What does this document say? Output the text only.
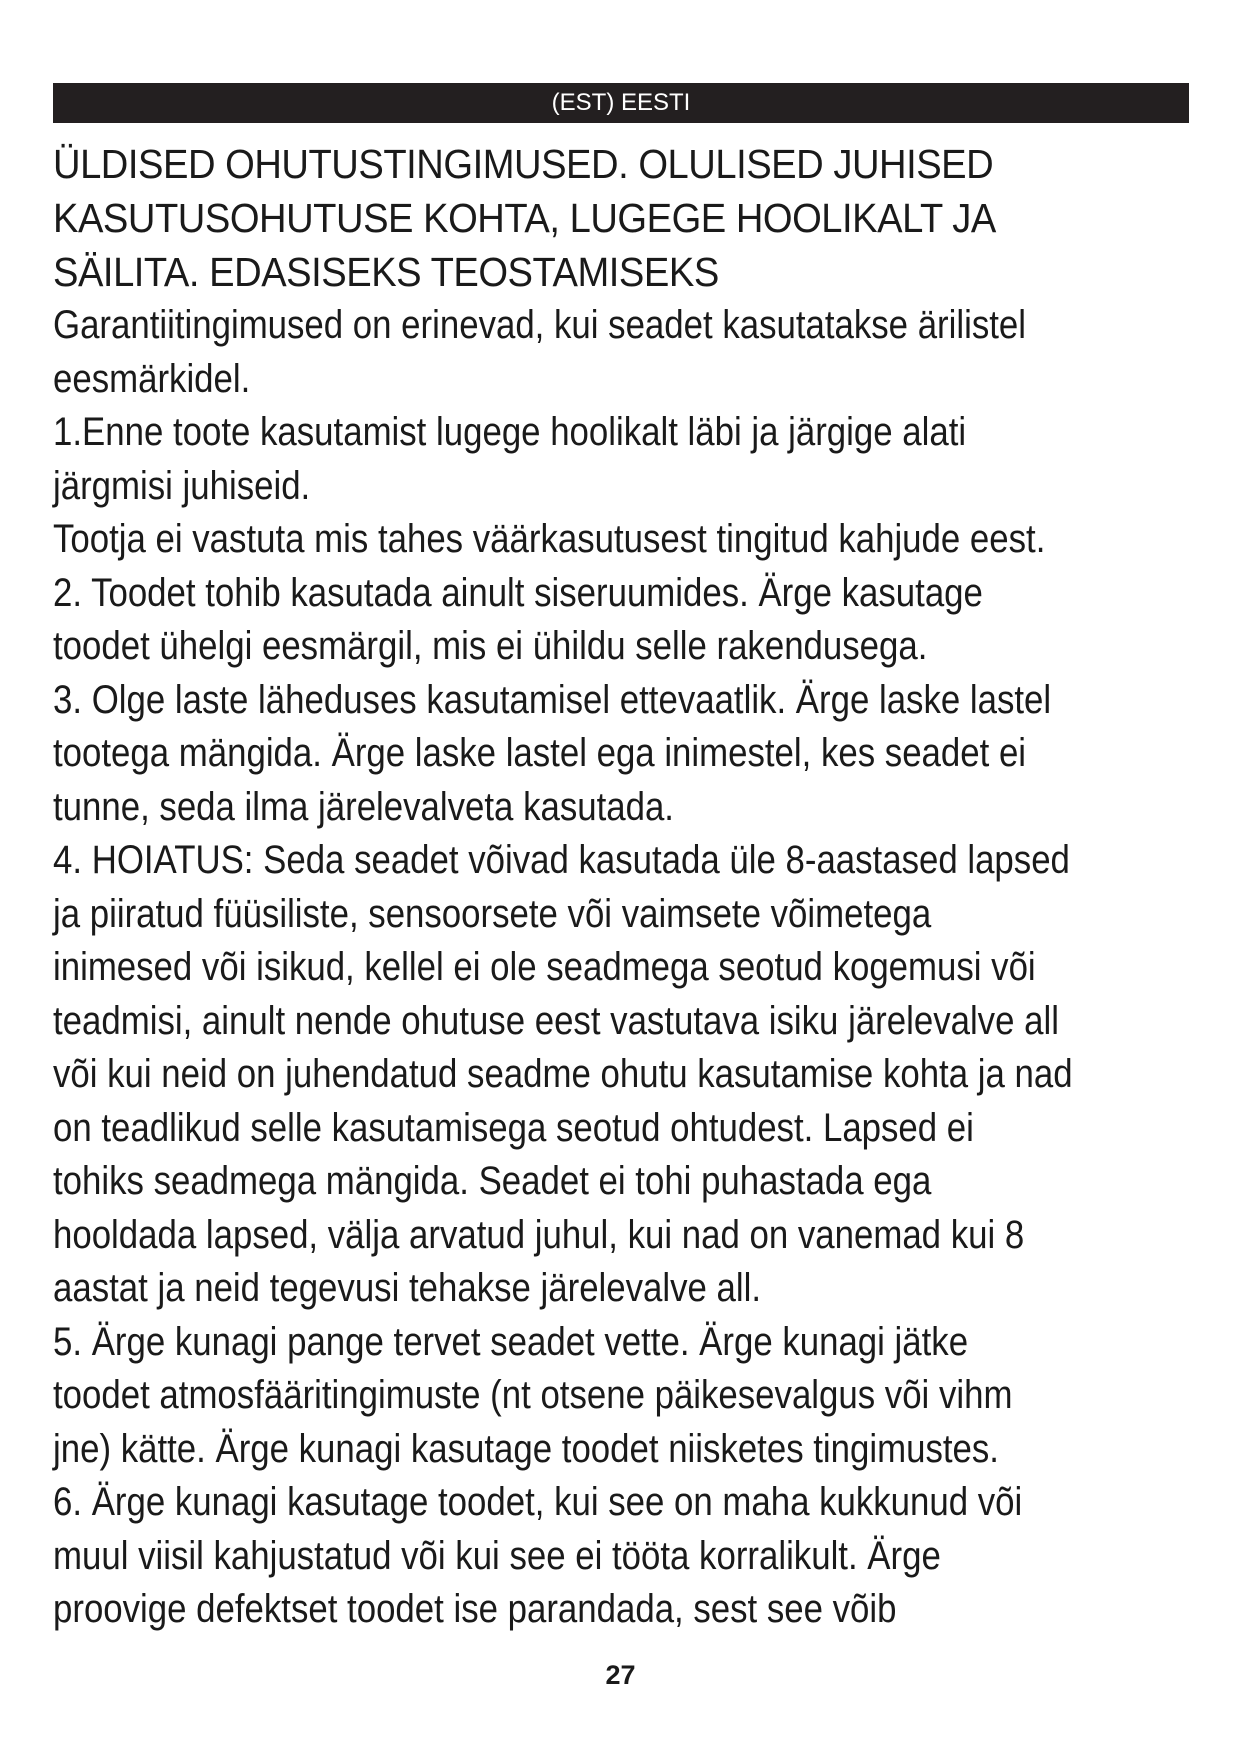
(EST) EESTI

ÜLDISED OHUTUSTINGIMUSED. OLULISED JUHISED

KASUTUSOHUTUSE KOHTA, LUGEGE HOOLIKALT JA

SÄILITA. EDASISEKS TEOSTAMISEKS

Garantiitingimused on erinevad, kui seadet kasutatakse ärilistel

eesmärkidel.

1.Enne toote kasutamist lugege hoolikalt läbi ja järgige alati

järgmisi juhiseid.

Tootja ei vastuta mis tahes väärkasutusest tingitud kahjude eest.

2. Toodet tohib kasutada ainult siseruumides. Ärge kasutage

toodet ühelgi eesmärgil, mis ei ühildu selle rakendusega.

3. Olge laste läheduses kasutamisel ettevaatlik. Ärge laske lastel

tootega mängida. Ärge laske lastel ega inimestel, kes seadet ei

tunne, seda ilma järelevalveta kasutada.

4. HOIATUS: Seda seadet võivad kasutada üle 8-aastased lapsed

ja piiratud füüsiliste, sensoorsete või vaimsete võimetega

inimesed või isikud, kellel ei ole seadmega seotud kogemusi või

teadmisi, ainult nende ohutuse eest vastutava isiku järelevalve all

või kui neid on juhendatud seadme ohutu kasutamise kohta ja nad

on teadlikud selle kasutamisega seotud ohtudest. Lapsed ei

tohiks seadmega mängida. Seadet ei tohi puhastada ega

hooldada lapsed, välja arvatud juhul, kui nad on vanemad kui 8

aastat ja neid tegevusi tehakse järelevalve all.

5. Ärge kunagi pange tervet seadet vette. Ärge kunagi jätke

toodet atmosfääritingimuste (nt otsene päikesevalgus või vihm

jne) kätte. Ärge kunagi kasutage toodet niisketes tingimustes.

6. Ärge kunagi kasutage toodet, kui see on maha kukkunud või

muul viisil kahjustatud või kui see ei tööta korralikult. Ärge

proovige defektset toodet ise parandada, sest see võib

27
